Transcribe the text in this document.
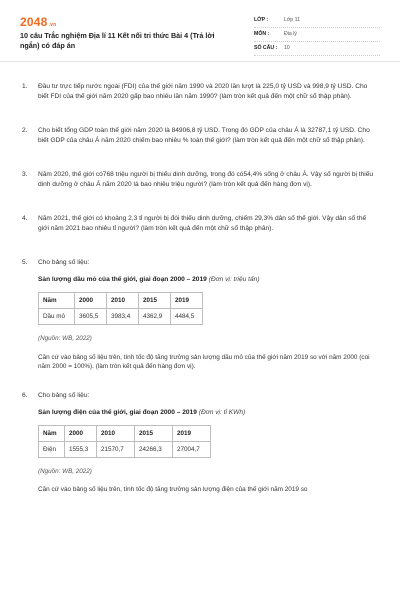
2048.vn
10 câu Trắc nghiệm Địa lí 11 Kết nối tri thức Bài 4 (Trả lời ngắn) có đáp án
LỚP :	Lớp 11
MÔN :	Địa lý
SỐ CÂU :	10
1. Đầu tư trực tiếp nước ngoài (FDI) của thế giới năm 1990 và 2020 lần lượt là 225,0 tỷ USD và 998,9 tỷ USD. Cho biết FDI của thế giới năm 2020 gấp bao nhiêu lần năm 1990? (làm tròn kết quả đến một chữ số thập phân).
2. Cho biết tổng GDP toàn thế giới năm 2020 là 84906,8 tỷ USD. Trong đó GDP của châu Á là 32787,1 tỷ USD. Cho biết GDP của châu Á năm 2020 chiếm bao nhiêu % toàn thế giới? (làm tròn kết quả đến một chữ số thập phân).
3. Năm 2020, thế giới có768 triệu người bị thiếu dinh dưỡng, trong đó có54,4% sống ở châu Á. Vậy số người bị thiếu dinh dưỡng ở châu Á năm 2020 là bao nhiêu triệu người? (làm tròn kết quả đến hàng đơn vị).
4. Năm 2021, thế giới có khoảng 2,3 tỉ người bị đói thiếu dinh dưỡng, chiếm 29,3% dân số thế giới. Vậy dân số thế giới năm 2021 bao nhiêu tỉ người? (làm tròn kết quả đến một chữ số thập phân).
5. Cho bảng số liệu:
Sản lượng dầu mỏ của thế giới, giai đoạn 2000 – 2019 (Đơn vị: triệu tấn)
Năm	2000	2010	2015	2019
Dầu mỏ	3605,5	3983,4	4362,9	4484,5
(Nguồn: WB, 2022)
Căn cứ vào bảng số liệu trên, tính tốc độ tăng trưởng sản lượng dầu mỏ của thế giới năm 2019 so với năm 2000 (coi năm 2000 = 100%). (làm tròn kết quả đến hàng đơn vị).
6. Cho bảng số liệu:
Sản lượng điện của thế giới, giai đoạn 2000 – 2019 (Đơn vị: tỉ KWh)
Năm	2000	2010	2015	2019
Điện	1555,3	21570,7	24266,3	27004,7
(Nguồn: WB, 2022)
Căn cứ vào bảng số liệu trên, tính tốc độ tăng trưởng sản lượng điện của thế giới năm 2019 so
